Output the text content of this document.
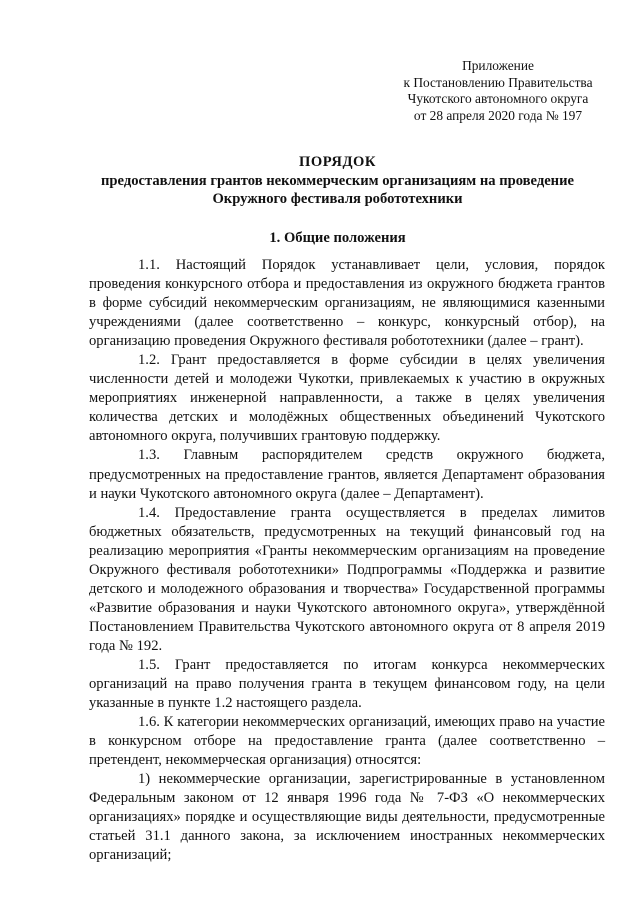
Приложение
к Постановлению Правительства
Чукотского автономного округа
от 28 апреля 2020 года № 197
ПОРЯДОК
предоставления грантов некоммерческим организациям на проведение
Окружного фестиваля робототехники
1. Общие положения

1.1. Настоящий Порядок устанавливает цели, условия, порядок проведения конкурсного отбора и предоставления из окружного бюджета грантов в форме субсидий некоммерческим организациям, не являющимися казенными учреждениями (далее соответственно – конкурс, конкурсный отбор), на организацию проведения Окружного фестиваля робототехники (далее – грант).

1.2. Грант предоставляется в форме субсидии в целях увеличения численности детей и молодежи Чукотки, привлекаемых к участию в окружных мероприятиях инженерной направленности, а также в целях увеличения количества детских и молодёжных общественных объединений Чукотского автономного округа, получивших грантовую поддержку.

1.3. Главным распорядителем средств окружного бюджета, предусмотренных на предоставление грантов, является Департамент образования и науки Чукотского автономного округа (далее – Департамент).

1.4. Предоставление гранта осуществляется в пределах лимитов бюджетных обязательств, предусмотренных на текущий финансовый год на реализацию мероприятия «Гранты некоммерческим организациям на проведение Окружного фестиваля робототехники» Подпрограммы «Поддержка и развитие детского и молодежного образования и творчества» Государственной программы «Развитие образования и науки Чукотского автономного округа», утверждённой Постановлением Правительства Чукотского автономного округа от 8 апреля 2019 года № 192.

1.5. Грант предоставляется по итогам конкурса некоммерческих организаций на право получения гранта в текущем финансовом году, на цели указанные в пункте 1.2 настоящего раздела.

1.6. К категории некоммерческих организаций, имеющих право на участие в конкурсном отборе на предоставление гранта (далее соответственно – претендент, некоммерческая организация) относятся:

1) некоммерческие организации, зарегистрированные в установленном Федеральным законом от 12 января 1996 года № 7-ФЗ «О некоммерческих организациях» порядке и осуществляющие виды деятельности, предусмотренные статьей 31.1 данного закона, за исключением иностранных некоммерческих организаций;
